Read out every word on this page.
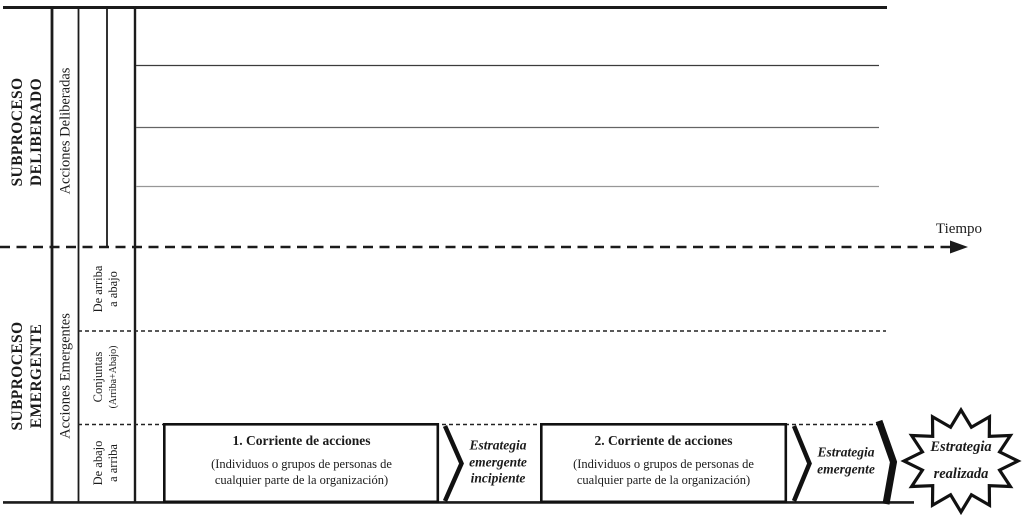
SUBPROCESO DELIBERADO Acciones Deliberadas
SUBPROCESO EMERGENTE Acciones Emergentes
De arriba a abajo
Conjuntas (Arriba+Abajo)
De abajo a arriba
Tiempo
1. Corriente de acciones
(Individuos o grupos de personas de
cualquier parte de la organización)
2. Corriente de acciones
(Individuos o grupos de personas de
cualquier parte de la organización)
Estrategia
emergente
incipiente
Estrategia
emergente
Estrategia
realizada
